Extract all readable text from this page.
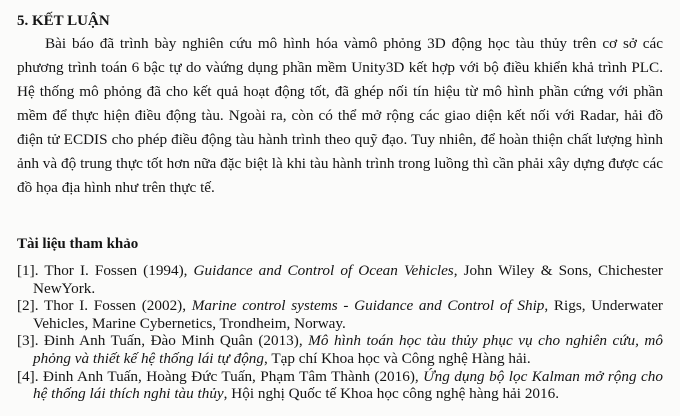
5. KẾT LUẬN

Bài báo đã trình bày nghiên cứu mô hình hóa vàmô phỏng 3D động học tàu thủy trên cơ sở các phương trình toán 6 bậc tự do vàứng dụng phần mềm Unity3D kết hợp với bộ điều khiển khả trình PLC. Hệ thống mô phỏng đã cho kết quả hoạt động tốt, đã ghép nối tín hiệu từ mô hình phần cứng với phần mềm để thực hiện điều động tàu. Ngoài ra, còn có thể mở rộng các giao diện kết nối với Radar, hải đồ điện tử ECDIS cho phép điều động tàu hành trình theo quỹ đạo. Tuy nhiên, để hoàn thiện chất lượng hình ảnh và độ trung thực tốt hơn nữa đặc biệt là khi tàu hành trình trong luồng thì cần phải xây dựng được các đồ họa địa hình như trên thực tế.

Tài liệu tham khảo
[1]. Thor I. Fossen (1994), Guidance and Control of Ocean Vehicles, John Wiley & Sons, Chichester NewYork.
[2]. Thor I. Fossen (2002), Marine control systems - Guidance and Control of Ship, Rigs, Underwater Vehicles, Marine Cybernetics, Trondheim, Norway.
[3]. Đinh Anh Tuấn, Đào Minh Quân (2013), Mô hình toán học tàu thủy phục vụ cho nghiên cứu, mô phỏng và thiết kế hệ thống lái tự động, Tạp chí Khoa học và Công nghệ Hàng hải.
[4]. Đinh Anh Tuấn, Hoàng Đức Tuấn, Phạm Tâm Thành (2016), Ứng dụng bộ lọc Kalman mở rộng cho hệ thống lái thích nghi tàu thủy, Hội nghị Quốc tế Khoa học công nghệ hàng hải 2016.
